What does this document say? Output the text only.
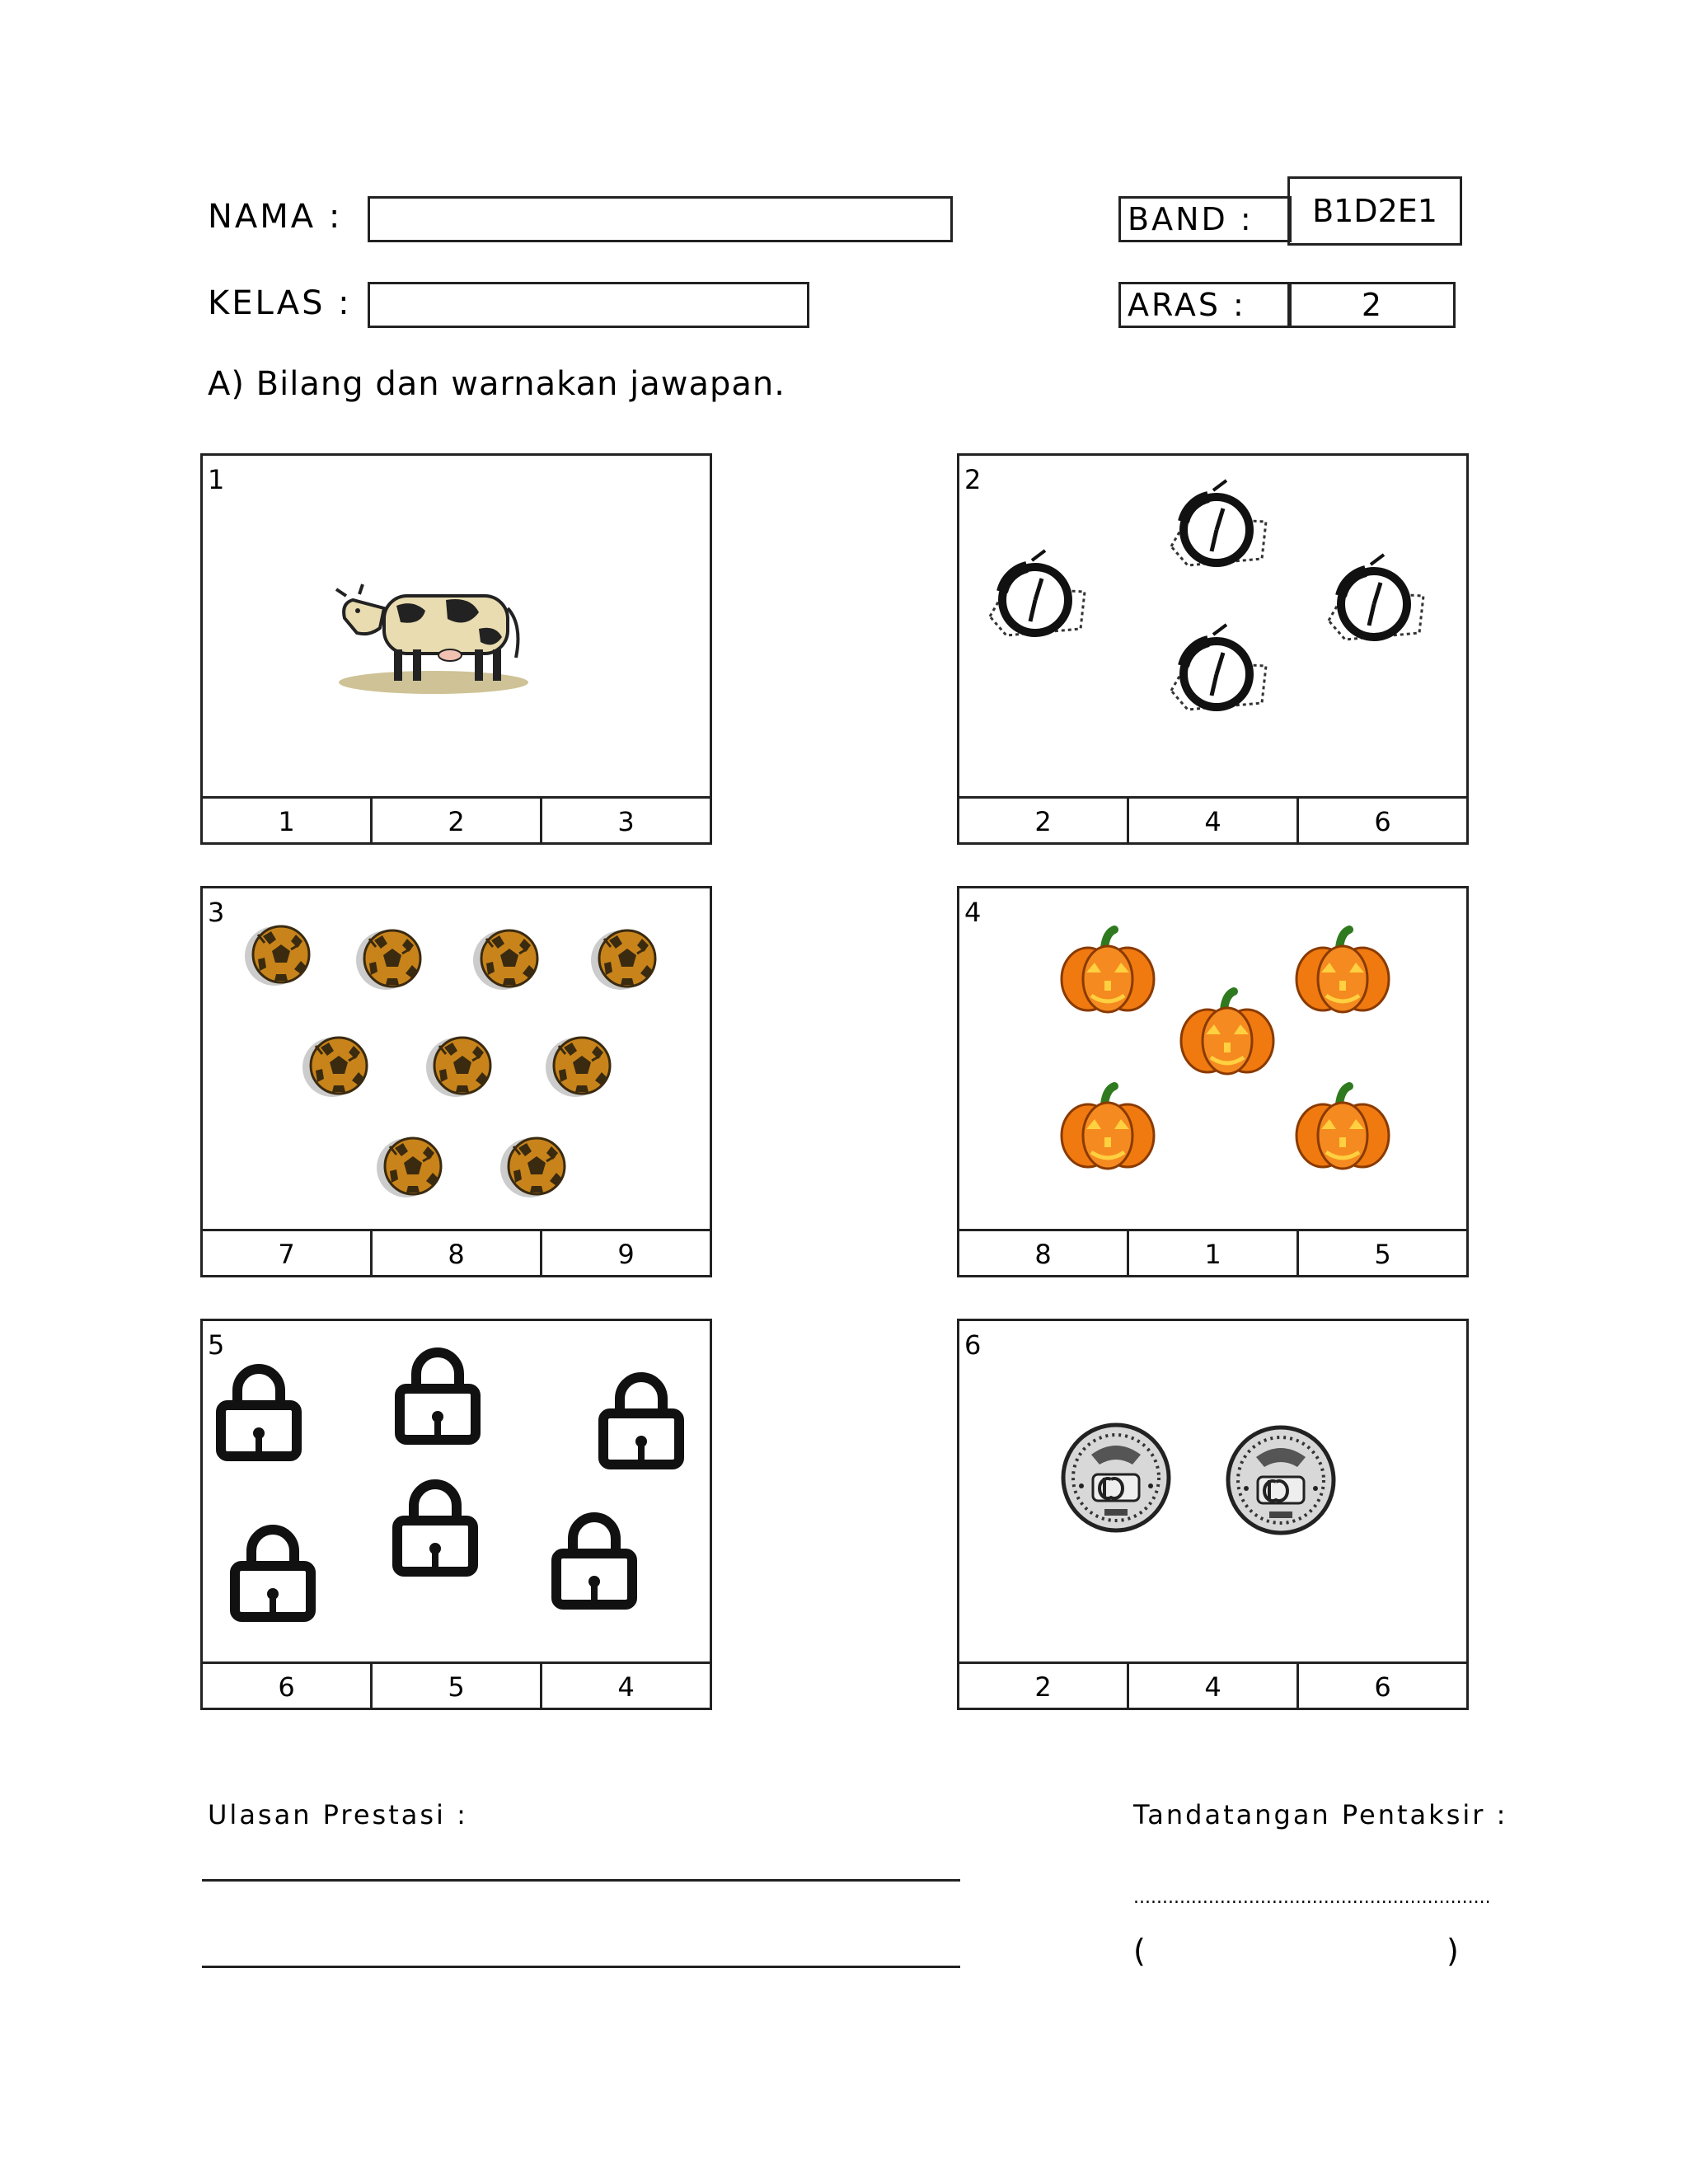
NAMA :
KELAS :
BAND :	B1D2E1
ARAS :	2
A) Bilang dan warnakan jawapan.
1
1	2	3
2
2	4	6
3
7	8	9
4
8	1	5
5
6	5	4
6
2	4	6
Ulasan Prestasi :	Tandatangan Pentaksir :
..............................................................
(	)
